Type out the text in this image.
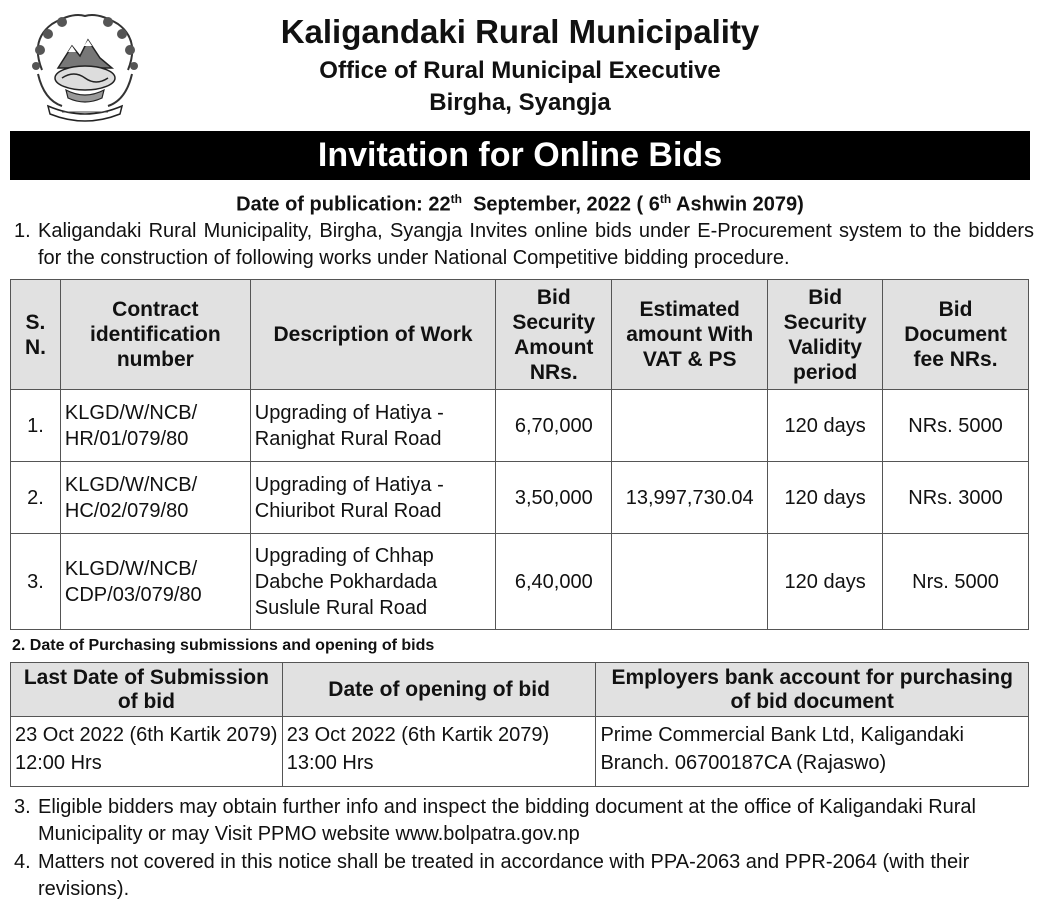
Kaligandaki Rural Municipality
Office of Rural Municipal Executive
Birgha, Syangja
Invitation for Online Bids
Date of publication: 22th  September, 2022 ( 6th Ashwin 2079)
1. Kaligandaki Rural Municipality, Birgha, Syangja Invites online bids under E-Procurement system to the bidders for the construction of following works under National Competitive bidding procedure.
S. N.	Contract identification number	Description of Work	Bid Security Amount NRs.	Estimated amount With VAT & PS	Bid Security Validity period	Bid Document fee NRs.
1.	KLGD/W/NCB/ HR/01/079/80	Upgrading of Hatiya - Ranighat Rural Road	6,70,000		120 days	NRs. 5000
2.	KLGD/W/NCB/ HC/02/079/80	Upgrading of Hatiya - Chiuribot Rural Road	3,50,000	13,997,730.04	120 days	NRs. 3000
3.	KLGD/W/NCB/ CDP/03/079/80	Upgrading of Chhap Dabche Pokhardada Suslule Rural Road	6,40,000		120 days	Nrs. 5000
2. Date of Purchasing submissions and opening of bids
Last Date of Submission of bid	Date of opening of bid	Employers bank account for purchasing of bid document
23 Oct 2022 (6th Kartik 2079) 12:00 Hrs	23 Oct 2022 (6th Kartik 2079) 13:00 Hrs	Prime Commercial Bank Ltd, Kaligandaki Branch. 06700187CA (Rajaswo)
3. Eligible bidders may obtain further info and inspect the bidding document at the office of Kaligandaki Rural Municipality or may Visit PPMO website www.bolpatra.gov.np
4. Matters not covered in this notice shall be treated in accordance with PPA-2063 and PPR-2064 (with their revisions).
